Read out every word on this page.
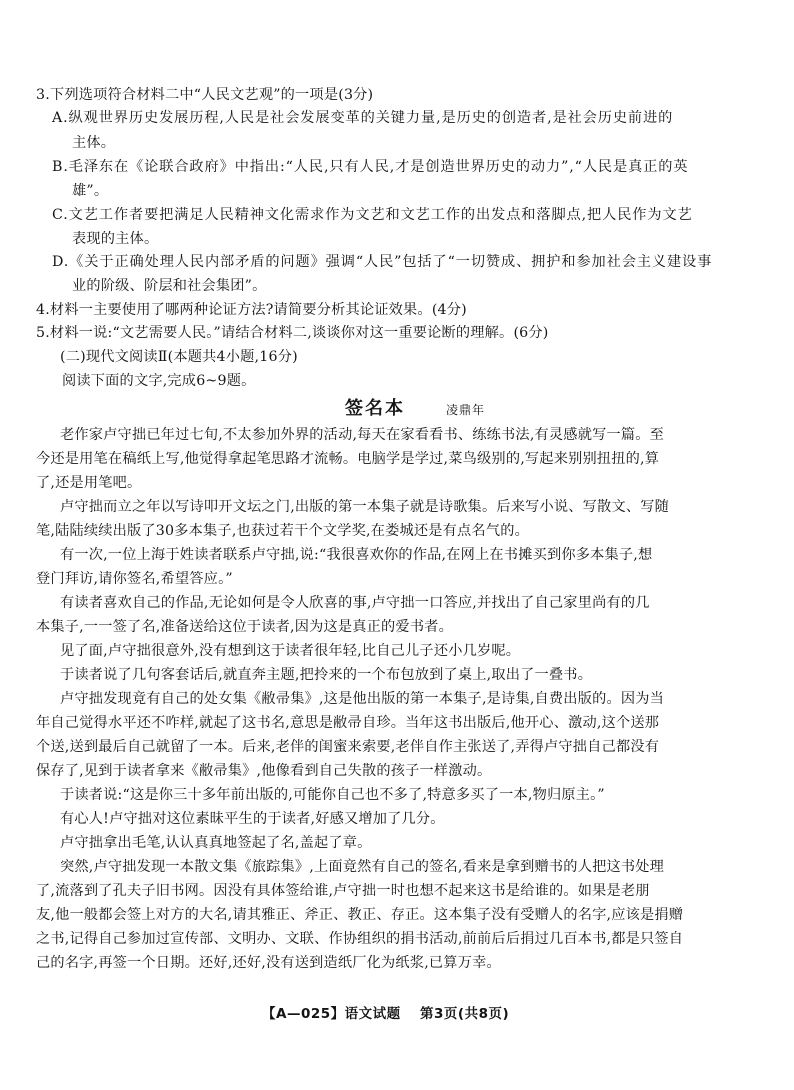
3.下列选项符合材料二中“人民文艺观”的一项是(3分)
A.纵观世界历史发展历程,人民是社会发展变革的关键力量,是历史的创造者,是社会历史前进的
主体。
B.毛泽东在《论联合政府》中指出:“人民,只有人民,才是创造世界历史的动力”,“人民是真正的英
雄”。
C.文艺工作者要把满足人民精神文化需求作为文艺和文艺工作的出发点和落脚点,把人民作为文艺
表现的主体。
D.《关于正确处理人民内部矛盾的问题》强调“人民”包括了“一切赞成、拥护和参加社会主义建设事
业的阶级、阶层和社会集团”。
4.材料一主要使用了哪两种论证方法?请简要分析其论证效果。(4分)
5.材料一说:“文艺需要人民。”请结合材料二,谈谈你对这一重要论断的理解。(6分)
(二)现代文阅读Ⅱ(本题共4小题,16分)
阅读下面的文字,完成6~9题。
签名本	凌鼎年
老作家卢守拙已年过七旬,不太参加外界的活动,每天在家看看书、练练书法,有灵感就写一篇。至
今还是用笔在稿纸上写,他觉得拿起笔思路才流畅。电脑学是学过,菜鸟级别的,写起来别别扭扭的,算
了,还是用笔吧。
卢守拙而立之年以写诗叩开文坛之门,出版的第一本集子就是诗歌集。后来写小说、写散文、写随
笔,陆陆续续出版了30多本集子,也获过若干个文学奖,在娄城还是有点名气的。
有一次,一位上海于姓读者联系卢守拙,说:“我很喜欢你的作品,在网上在书摊买到你多本集子,想
登门拜访,请你签名,希望答应。”
有读者喜欢自己的作品,无论如何是令人欣喜的事,卢守拙一口答应,并找出了自己家里尚有的几
本集子,一一签了名,准备送给这位于读者,因为这是真正的爱书者。
见了面,卢守拙很意外,没有想到这于读者很年轻,比自己儿子还小几岁呢。
于读者说了几句客套话后,就直奔主题,把拎来的一个布包放到了桌上,取出了一叠书。
卢守拙发现竟有自己的处女集《敝帚集》,这是他出版的第一本集子,是诗集,自费出版的。因为当
年自己觉得水平还不咋样,就起了这书名,意思是敝帚自珍。当年这书出版后,他开心、激动,这个送那
个送,送到最后自己就留了一本。后来,老伴的闺蜜来索要,老伴自作主张送了,弄得卢守拙自己都没有
保存了,见到于读者拿来《敝帚集》,他像看到自己失散的孩子一样激动。
于读者说:“这是你三十多年前出版的,可能你自己也不多了,特意多买了一本,物归原主。”
有心人!卢守拙对这位素昧平生的于读者,好感又增加了几分。
卢守拙拿出毛笔,认认真真地签起了名,盖起了章。
突然,卢守拙发现一本散文集《旅踪集》,上面竟然有自己的签名,看来是拿到赠书的人把这书处理
了,流落到了孔夫子旧书网。因没有具体签给谁,卢守拙一时也想不起来这书是给谁的。如果是老朋
友,他一般都会签上对方的大名,请其雅正、斧正、教正、存正。这本集子没有受赠人的名字,应该是捐赠
之书,记得自己参加过宣传部、文明办、文联、作协组织的捐书活动,前前后后捐过几百本书,都是只签自
己的名字,再签一个日期。还好,还好,没有送到造纸厂化为纸浆,已算万幸。
【A—025】语文试题 第3页(共8页)
